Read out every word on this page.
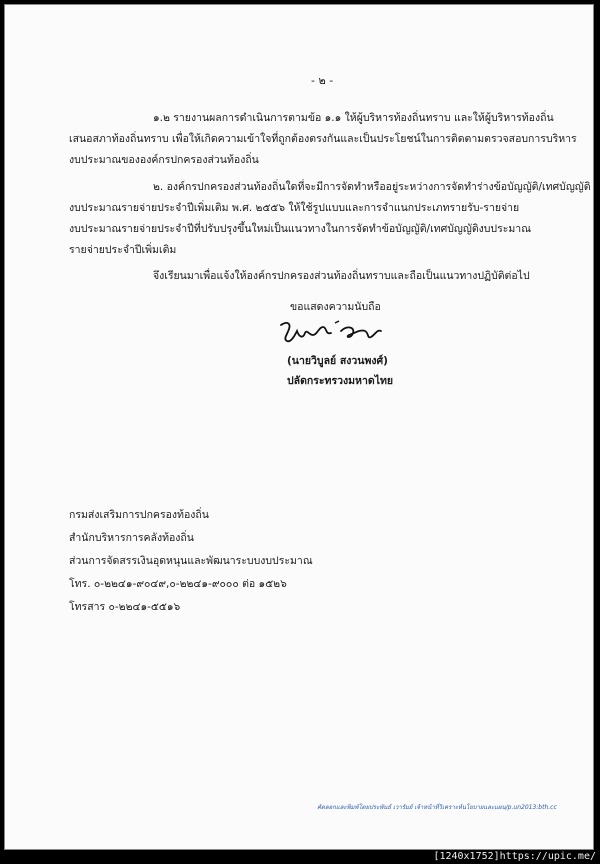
- ๒ -
๑.๒ รายงานผลการดำเนินการตามข้อ ๑.๑ ให้ผู้บริหารท้องถิ่นทราบ และให้ผู้บริหารท้องถิ่น
เสนอสภาท้องถิ่นทราบ เพื่อให้เกิดความเข้าใจที่ถูกต้องตรงกันและเป็นประโยชน์ในการติดตามตรวจสอบการบริหาร
งบประมาณขององค์กรปกครองส่วนท้องถิ่น
๒. องค์กรปกครองส่วนท้องถิ่นใดที่จะมีการจัดทำหรืออยู่ระหว่างการจัดทำร่างข้อบัญญัติ/เทศบัญญัติ
งบประมาณรายจ่ายประจำปีเพิ่มเติม พ.ศ. ๒๕๕๖ ให้ใช้รูปแบบและการจำแนกประเภทรายรับ-รายจ่าย
งบประมาณรายจ่ายประจำปีที่ปรับปรุงขึ้นใหม่เป็นแนวทางในการจัดทำข้อบัญญัติ/เทศบัญญัติงบประมาณ
รายจ่ายประจำปีเพิ่มเติม
จึงเรียนมาเพื่อแจ้งให้องค์กรปกครองส่วนท้องถิ่นทราบและถือเป็นแนวทางปฏิบัติต่อไป
ขอแสดงความนับถือ
(นายวิบูลย์ สงวนพงศ์)
ปลัดกระทรวงมหาดไทย
กรมส่งเสริมการปกครองท้องถิ่น
สำนักบริหารการคลังท้องถิ่น
ส่วนการจัดสรรเงินอุดหนุนและพัฒนาระบบงบประมาณ
โทร. ๐-๒๒๔๑-๙๐๔๙,๐-๒๒๔๑-๙๐๐๐ ต่อ ๑๕๒๖
โทรสาร ๐-๒๒๔๑-๕๕๑๖
คัดลอกและพิมพ์โดยประพันธ์ เวารัมย์ เจ้าหน้าที่วิเคราะห์นโยบายและแผน/p.un2013:bth.cc
[1240x1752]https://upic.me/
